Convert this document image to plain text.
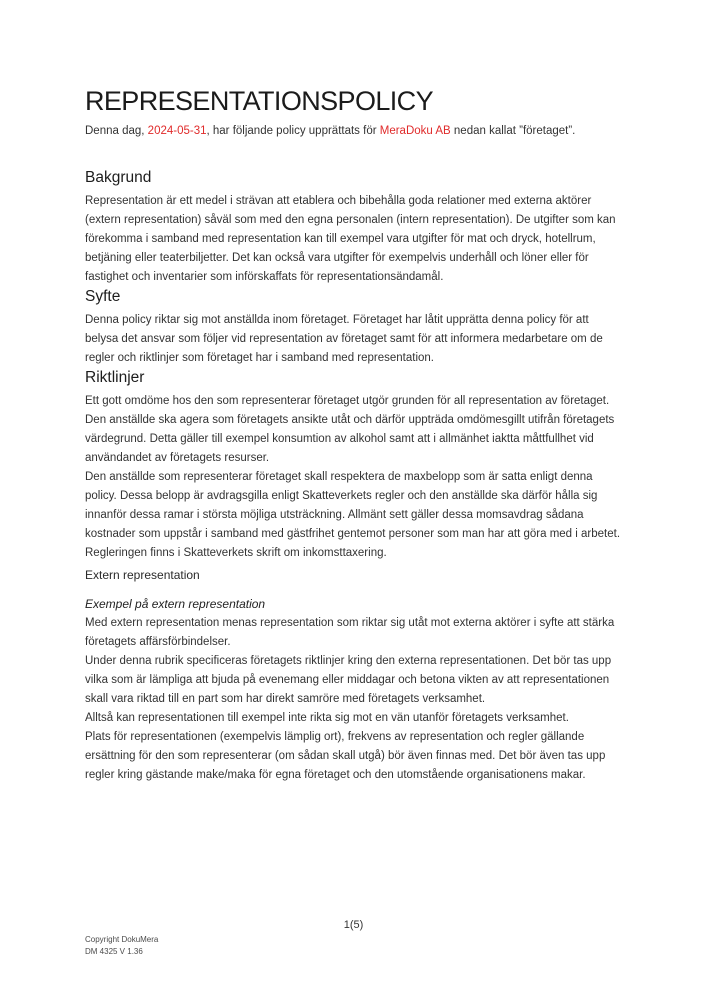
REPRESENTATIONSPOLICY

Denna dag, 2024-05-31, har följande policy upprättats för MeraDoku AB nedan kallat ”företaget”.

Bakgrund

Representation är ett medel i strävan att etablera och bibehålla goda relationer med externa aktörer (extern representation) såväl som med den egna personalen (intern representation). De utgifter som kan förekomma i samband med representation kan till exempel vara utgifter för mat och dryck, hotellrum, betjäning eller teaterbiljetter. Det kan också vara utgifter för exempelvis underhåll och löner eller för fastighet och inventarier som införskaffats för representationsändamål.

Syfte

Denna policy riktar sig mot anställda inom företaget. Företaget har låtit upprätta denna policy för att belysa det ansvar som följer vid representation av företaget samt för att informera medarbetare om de regler och riktlinjer som företaget har i samband med representation.

Riktlinjer

Ett gott omdöme hos den som representerar företaget utgör grunden för all representation av företaget. Den anställde ska agera som företagets ansikte utåt och därför uppträda omdömesgillt utifrån företagets värdegrund. Detta gäller till exempel konsumtion av alkohol samt att i allmänhet iaktta måttfullhet vid användandet av företagets resurser.

Den anställde som representerar företaget skall respektera de maxbelopp som är satta enligt denna policy. Dessa belopp är avdragsgilla enligt Skatteverkets regler och den anställde ska därför hålla sig innanför dessa ramar i största möjliga utsträckning. Allmänt sett gäller dessa momsavdrag sådana kostnader som uppstår i samband med gästfrihet gentemot personer som man har att göra med i arbetet. Regleringen finns i Skatteverkets skrift om inkomsttaxering.

Extern representation

Exempel på extern representation

Med extern representation menas representation som riktar sig utåt mot externa aktörer i syfte att stärka företagets affärsförbindelser.

Under denna rubrik specificeras företagets riktlinjer kring den externa representationen. Det bör tas upp vilka som är lämpliga att bjuda på evenemang eller middagar och betona vikten av att representationen skall vara riktad till en part som har direkt samröre med företagets verksamhet.

Alltså kan representationen till exempel inte rikta sig mot en vän utanför företagets verksamhet.

Plats för representationen (exempelvis lämplig ort), frekvens av representation och regler gällande ersättning för den som representerar (om sådan skall utgå) bör även finnas med. Det bör även tas upp regler kring gästande make/maka för egna företaget och den utomstående organisationens makar.

1(5)
Copyright DokuMera
DM 4325 V 1.36
